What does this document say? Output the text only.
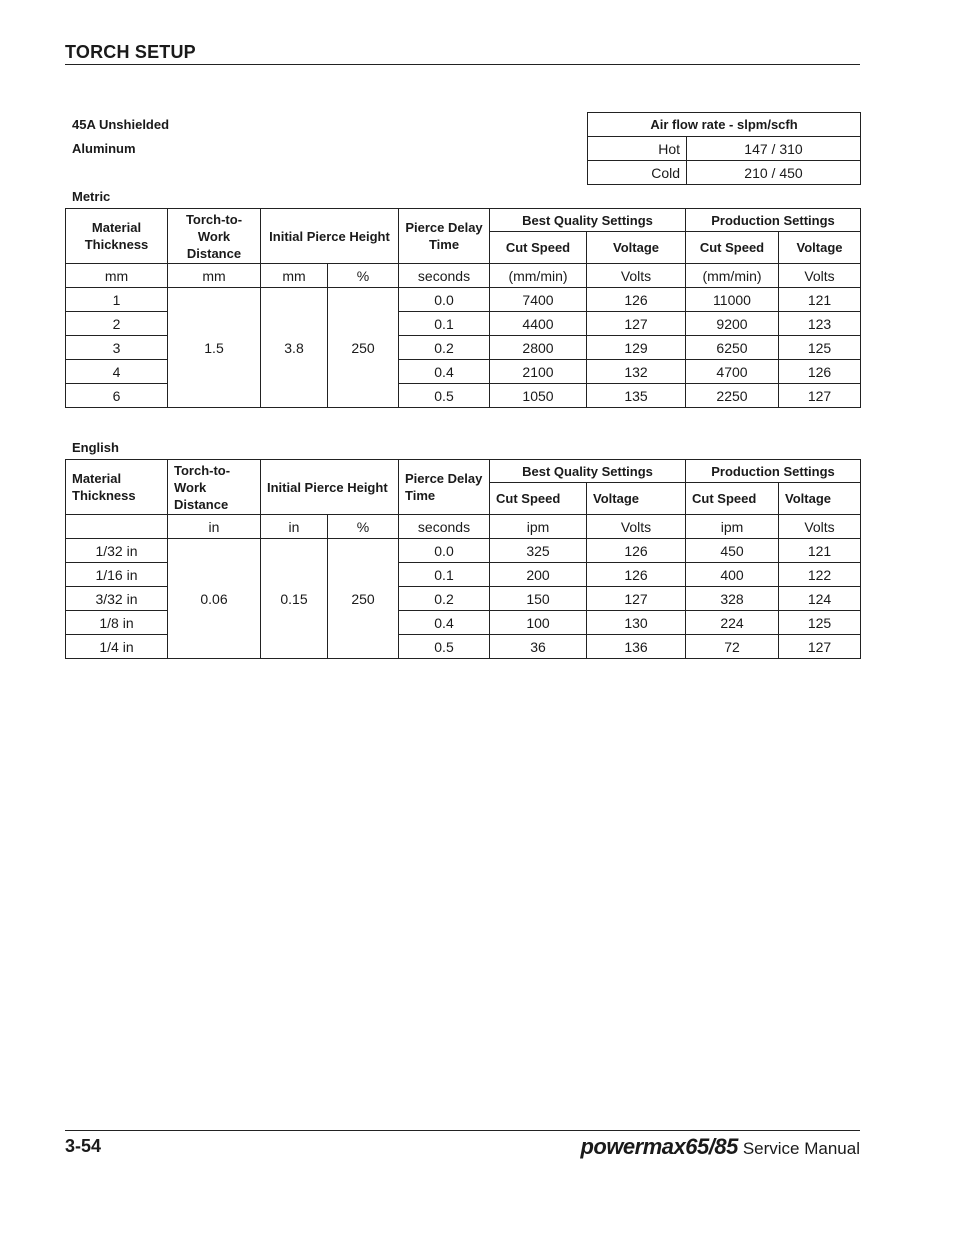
TORCH SETUP
45A Unshielded
Aluminum
Air flow rate - slpm/scfh	
Hot	147 / 310
Cold	210 / 450
Metric
Material Thickness	Torch-to-Work Distance	Initial Pierce Height		Pierce Delay Time	Best Quality Settings		Production Settings	
					Cut Speed	Voltage	Cut Speed	Voltage
mm	mm	mm	%	seconds	(mm/min)	Volts	(mm/min)	Volts
1	1.5	3.8	250	0.0	7400	126	11000	121
2				0.1	4400	127	9200	123
3				0.2	2800	129	6250	125
4				0.4	2100	132	4700	126
6				0.5	1050	135	2250	127
English
Material Thickness	Torch-to-Work Distance	Initial Pierce Height		Pierce Delay Time	Best Quality Settings		Production Settings	
					Cut Speed	Voltage	Cut Speed	Voltage
	in	in	%	seconds	ipm	Volts	ipm	Volts
1/32 in	0.06	0.15	250	0.0	325	126	450	121
1/16 in				0.1	200	126	400	122
3/32 in				0.2	150	127	328	124
1/8 in				0.4	100	130	224	125
1/4 in				0.5	36	136	72	127
3-54	powermax65/85 Service Manual
